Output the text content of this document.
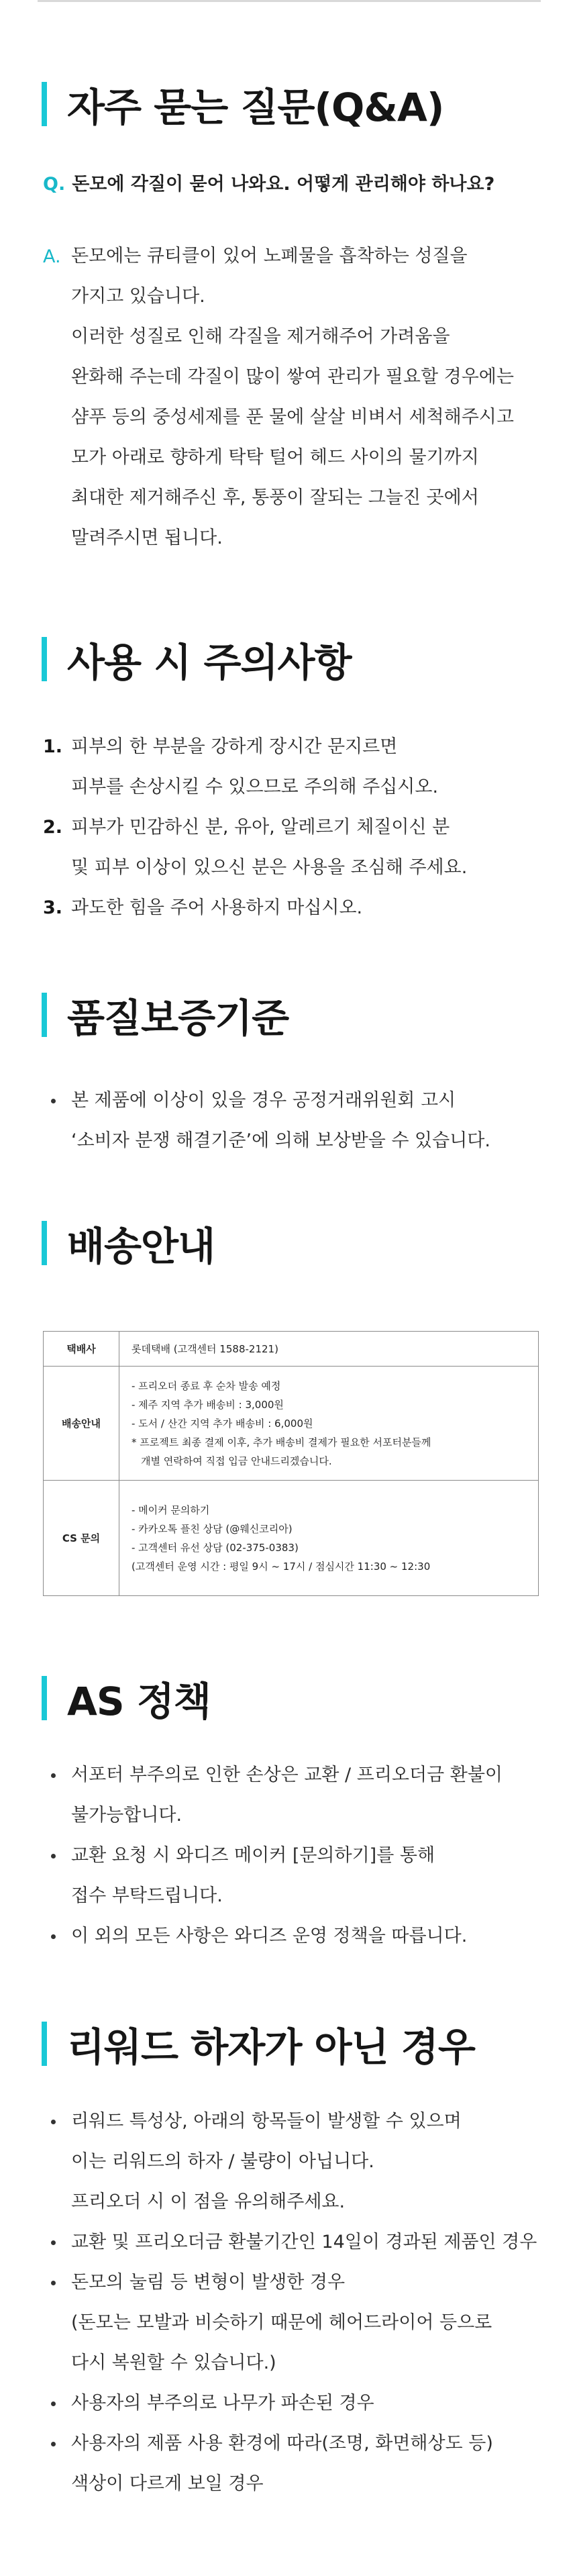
자주 묻는 질문(Q&A)
Q. 돈모에 각질이 묻어 나와요. 어떻게 관리해야 하나요?
A. 돈모에는 큐티클이 있어 노폐물을 흡착하는 성질을
가지고 있습니다.
이러한 성질로 인해 각질을 제거해주어 가려움을
완화해 주는데 각질이 많이 쌓여 관리가 필요할 경우에는
샴푸 등의 중성세제를 푼 물에 살살 비벼서 세척해주시고
모가 아래로 향하게 탁탁 털어 헤드 사이의 물기까지
최대한 제거해주신 후, 통풍이 잘되는 그늘진 곳에서
말려주시면 됩니다.
사용 시 주의사항
1. 피부의 한 부분을 강하게 장시간 문지르면
피부를 손상시킬 수 있으므로 주의해 주십시오.
2. 피부가 민감하신 분, 유아, 알레르기 체질이신 분
및 피부 이상이 있으신 분은 사용을 조심해 주세요.
3. 과도한 힘을 주어 사용하지 마십시오.
품질보증기준
본 제품에 이상이 있을 경우 공정거래위원회 고시
‘소비자 분쟁 해결기준’에 의해 보상받을 수 있습니다.
배송안내
택배사	롯데택배 (고객센터 1588-2121)

배송안내	- 프리오더 종료 후 순차 발송 예정
- 제주 지역 추가 배송비 : 3,000원
- 도서 / 산간 지역 추가 배송비 : 6,000원
* 프로젝트 최종 결제 이후, 추가 배송비 결제가 필요한 서포터분들께
개별 연락하여 직접 입금 안내드리겠습니다.

CS 문의	- 메이커 문의하기
- 카카오톡 플친 상담 (@웨신코리아)
- 고객센터 유선 상담 (02-375-0383)
(고객센터 운영 시간 : 평일 9시 ~ 17시 / 점심시간 11:30 ~ 12:30
AS 정책
서포터 부주의로 인한 손상은 교환 / 프리오더금 환불이
불가능합니다.
교환 요청 시 와디즈 메이커 [문의하기]를 통해
접수 부탁드립니다.
이 외의 모든 사항은 와디즈 운영 정책을 따릅니다.
리워드 하자가 아닌 경우
리워드 특성상, 아래의 항목들이 발생할 수 있으며
이는 리워드의 하자 / 불량이 아닙니다.
프리오더 시 이 점을 유의해주세요.
교환 및 프리오더금 환불기간인 14일이 경과된 제품인 경우
돈모의 눌림 등 변형이 발생한 경우
(돈모는 모발과 비슷하기 때문에 헤어드라이어 등으로
다시 복원할 수 있습니다.)
사용자의 부주의로 나무가 파손된 경우
사용자의 제품 사용 환경에 따라(조명, 화면해상도 등)
색상이 다르게 보일 경우
